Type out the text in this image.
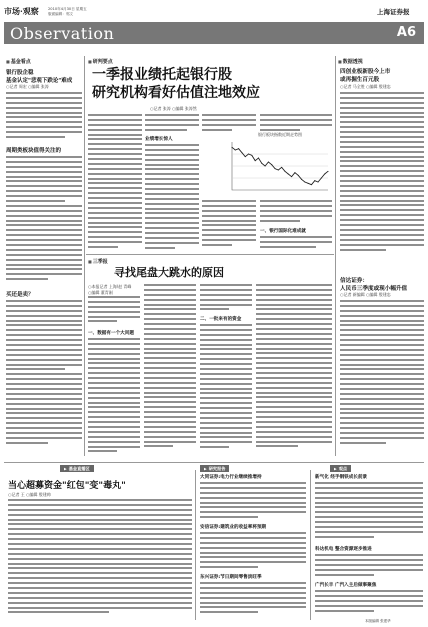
市场·观察	2010年4月30日 星期五
版面编辑：郭文	上海证券报
Observation	A6
■ 基金看点
银行股企稳
基金认定"悲观下跌论"难成
○记者 周宏 ○编辑 张涛
周期类板块值得关注的
买还是卖？
■ 研判要点
一季报业绩托起银行股
研究机构看好估值注地效应
○记者 张涛 ○编辑 张涛然
业绩增长惊人
银行板块指数近期走势图
一、银行国际化难成就
■ 三季报
寻找尾盘大跳水的原因
○本报记者 上海/赵 青峰
○编辑 董青刚
一、数据有一个大问题
二、一批来有的资金
■ 数据透视
四创业板新股今上市
或再掘生百元股
○记者 马全胜 ○编辑 殷建忠
信达证券：
人民币三季度或现小幅升值
○记者 新编辑 ○编辑 殷建忠
▶ 基金直播区	▶ 研究报告	▶ 观点
当心超募资金"红包"变"毒丸"
○记者 王 ○编辑 殷建帅
大同证券:电力行业继续推增持
安信证券:建筑业的收益率将预期
东兴证券:节日期间零售淡旺季
新气化 经手钢铁成长前景
科达机电 整合资源逐步推进
广汽长丰 广汽入主后做事聚焦
本版编辑 张建华
